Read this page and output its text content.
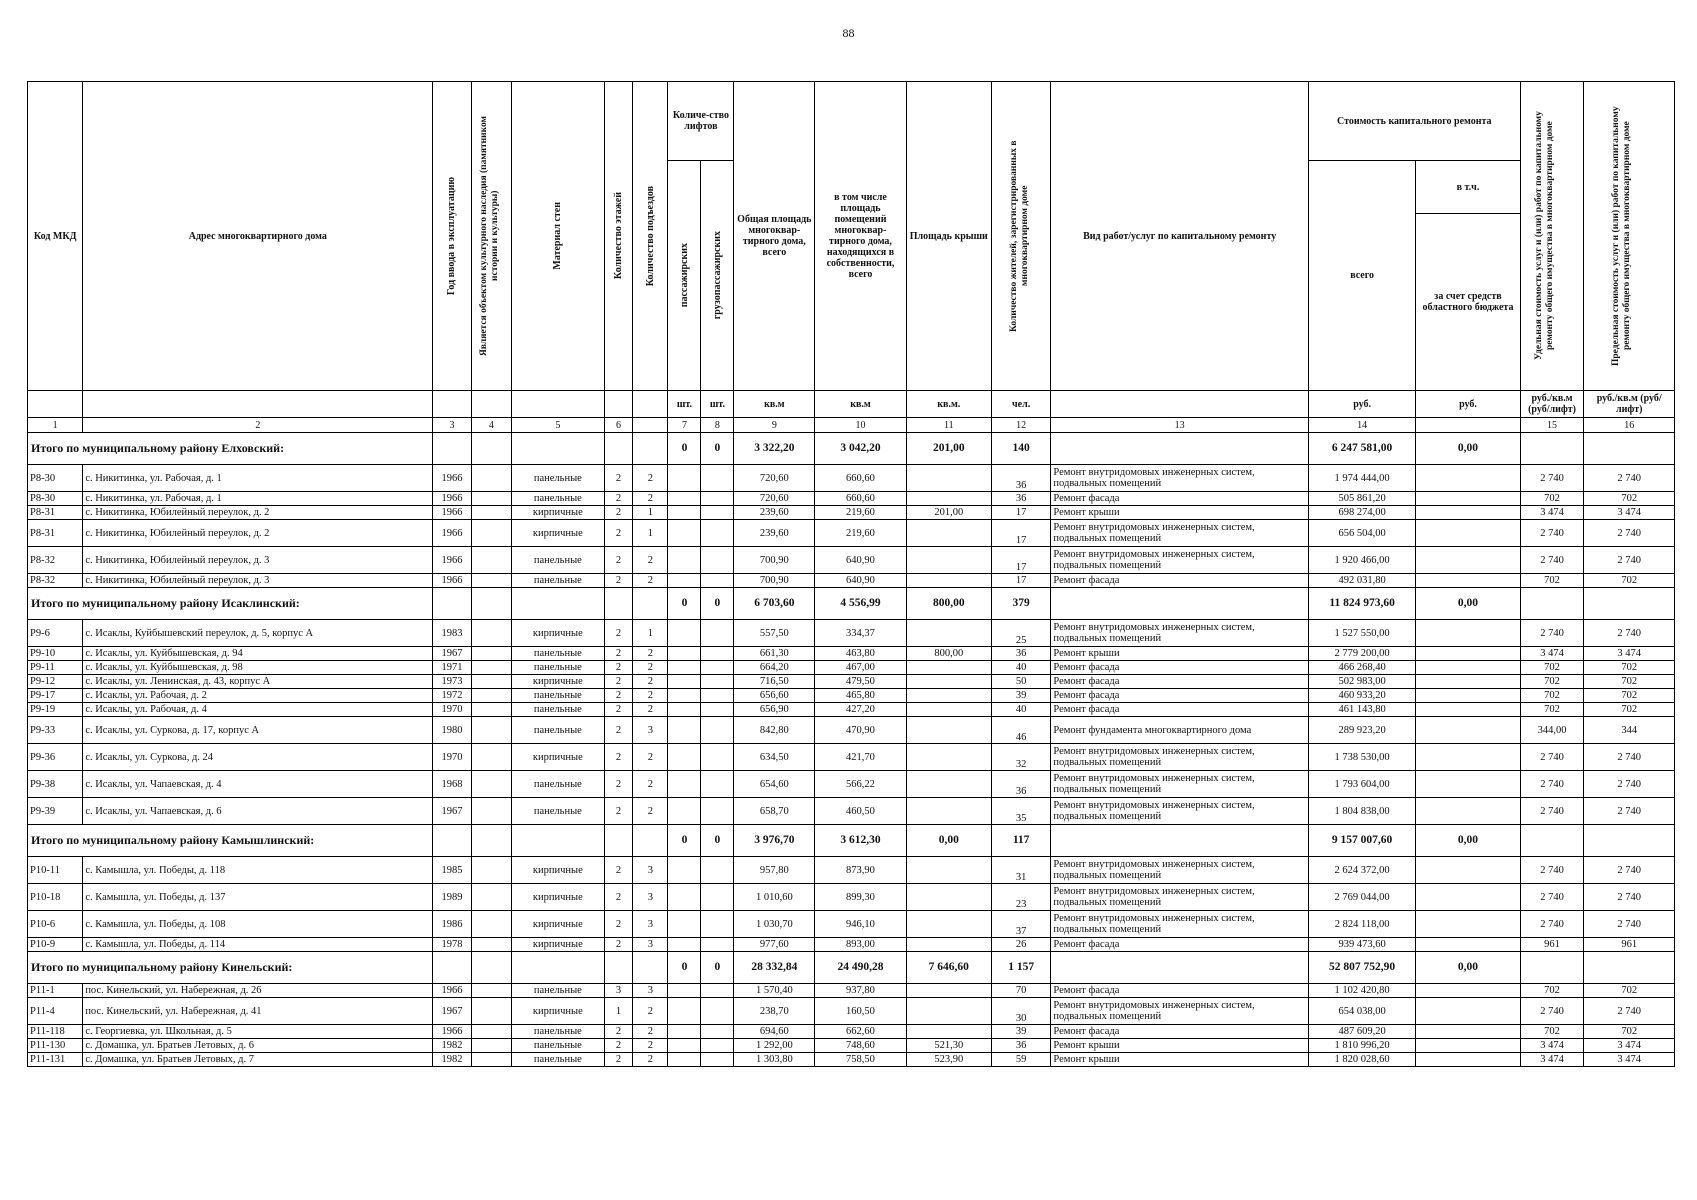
88
Код МКД	Адрес многоквартирного дома	Год ввода в эксплуатацию	Является объектом культурного наследия (памятником истории и культуры)	Материал стен	Количество этажей	Количество подъездов	Количе-ство лифтов		Общая площадь многоквар-тирного дома, всего	в том числе площадь помещений многоквар-тирного дома, находящихся в собственности, всего	Площадь крыши	Количество жителей, зарегистрированных в многоквартирном доме	Вид работ/услуг по капитальному ремонту	Стоимость капитального ремонта		Удельная стоимость услуг и (или) работ по капитальному ремонту общего имущества в многоквартирном доме	Предельная стоимость услуг и (или) работ по капитальному ремонту общего имущества в многоквартирном доме

							пассажирских	грузопассажирских						всего	в т.ч.		
															за счет средств областного бюджета		
							шт.	шт.	кв.м	кв.м	кв.м.	чел.		руб.	руб.	руб./кв.м (руб/лифт)	руб./кв.м (руб/лифт)
1	2	3	4	5	6		7	8	9	10	11	12	13	14		15	16
Итого по муниципальному району Елховский:							0	0	3 322,20	3 042,20	201,00	140		6 247 581,00	0,00		
Р8-30	с. Никитинка, ул. Рабочая, д. 1	1966		панельные	2	2			720,60	660,60		36	Ремонт внутридомовых инженерных систем, подвальных помещений	1 974 444,00		2 740	2 740
Р8-30	с. Никитинка, ул. Рабочая, д. 1	1966		панельные	2	2			720,60	660,60		36	Ремонт фасада	505 861,20		702	702
Р8-31	с. Никитинка, Юбилейный переулок, д. 2	1966		кирпичные	2	1			239,60	219,60	201,00	17	Ремонт крыши	698 274,00		3 474	3 474
Р8-31	с. Никитинка, Юбилейный переулок, д. 2	1966		кирпичные	2	1			239,60	219,60		17	Ремонт внутридомовых инженерных систем, подвальных помещений	656 504,00		2 740	2 740
Р8-32	с. Никитинка, Юбилейный переулок, д. 3	1966		панельные	2	2			700,90	640,90		17	Ремонт внутридомовых инженерных систем, подвальных помещений	1 920 466,00		2 740	2 740
Р8-32	с. Никитинка, Юбилейный переулок, д. 3	1966		панельные	2	2			700,90	640,90		17	Ремонт фасада	492 031,80		702	702
Итого по муниципальному району Исаклинский:							0	0	6 703,60	4 556,99	800,00	379		11 824 973,60	0,00		
Р9-6	с. Исаклы, Куйбышевский переулок, д. 5, корпус А	1983		кирпичные	2	1			557,50	334,37		25	Ремонт внутридомовых инженерных систем, подвальных помещений	1 527 550,00		2 740	2 740
Р9-10	с. Исаклы, ул. Куйбышевская, д. 94	1967		панельные	2	2			661,30	463,80	800,00	36	Ремонт крыши	2 779 200,00		3 474	3 474
Р9-11	с. Исаклы, ул. Куйбышевская, д. 98	1971		панельные	2	2			664,20	467,00		40	Ремонт фасада	466 268,40		702	702
Р9-12	с. Исаклы, ул. Ленинская, д. 43, корпус А	1973		кирпичные	2	2			716,50	479,50		50	Ремонт фасада	502 983,00		702	702
Р9-17	с. Исаклы, ул. Рабочая, д. 2	1972		панельные	2	2			656,60	465,80		39	Ремонт фасада	460 933,20		702	702
Р9-19	с. Исаклы, ул. Рабочая, д. 4	1970		панельные	2	2			656,90	427,20		40	Ремонт фасада	461 143,80		702	702
Р9-33	с. Исаклы, ул. Суркова, д. 17, корпус А	1980		панельные	2	3			842,80	470,90		46	Ремонт фундамента многоквартирного дома	289 923,20		344,00	344
Р9-36	с. Исаклы, ул. Суркова, д. 24	1970		кирпичные	2	2			634,50	421,70		32	Ремонт внутридомовых инженерных систем, подвальных помещений	1 738 530,00		2 740	2 740
Р9-38	с. Исаклы, ул. Чапаевская, д. 4	1968		панельные	2	2			654,60	566,22		36	Ремонт внутридомовых инженерных систем, подвальных помещений	1 793 604,00		2 740	2 740
Р9-39	с. Исаклы, ул. Чапаевская, д. 6	1967		панельные	2	2			658,70	460,50		35	Ремонт внутридомовых инженерных систем, подвальных помещений	1 804 838,00		2 740	2 740
Итого по муниципальному району Камышлинский:							0	0	3 976,70	3 612,30	0,00	117		9 157 007,60	0,00		
Р10-11	с. Камышла, ул. Победы, д. 118	1985		кирпичные	2	3			957,80	873,90		31	Ремонт внутридомовых инженерных систем, подвальных помещений	2 624 372,00		2 740	2 740
Р10-18	с. Камышла, ул. Победы, д. 137	1989		кирпичные	2	3			1 010,60	899,30		23	Ремонт внутридомовых инженерных систем, подвальных помещений	2 769 044,00		2 740	2 740
Р10-6	с. Камышла, ул. Победы, д. 108	1986		кирпичные	2	3			1 030,70	946,10		37	Ремонт внутридомовых инженерных систем, подвальных помещений	2 824 118,00		2 740	2 740
Р10-9	с. Камышла, ул. Победы, д. 114	1978		кирпичные	2	3			977,60	893,00		26	Ремонт фасада	939 473,60		961	961
Итого по муниципальному району Кинельский:							0	0	28 332,84	24 490,28	7 646,60	1 157		52 807 752,90	0,00		
Р11-1	пос. Кинельский, ул. Набережная, д. 26	1966		панельные	3	3			1 570,40	937,80		70	Ремонт фасада	1 102 420,80		702	702
Р11-4	пос. Кинельский, ул. Набережная, д. 41	1967		кирпичные	1	2			238,70	160,50		30	Ремонт внутридомовых инженерных систем, подвальных помещений	654 038,00		2 740	2 740
Р11-118	с. Георгиевка, ул. Школьная, д. 5	1966		панельные	2	2			694,60	662,60		39	Ремонт фасада	487 609,20		702	702
Р11-130	с. Домашка, ул. Братьев Летовых, д. 6	1982		панельные	2	2			1 292,00	748,60	521,30	36	Ремонт крыши	1 810 996,20		3 474	3 474
Р11-131	с. Домашка, ул. Братьев Летовых, д. 7	1982		панельные	2	2			1 303,80	758,50	523,90	59	Ремонт крыши	1 820 028,60		3 474	3 474
